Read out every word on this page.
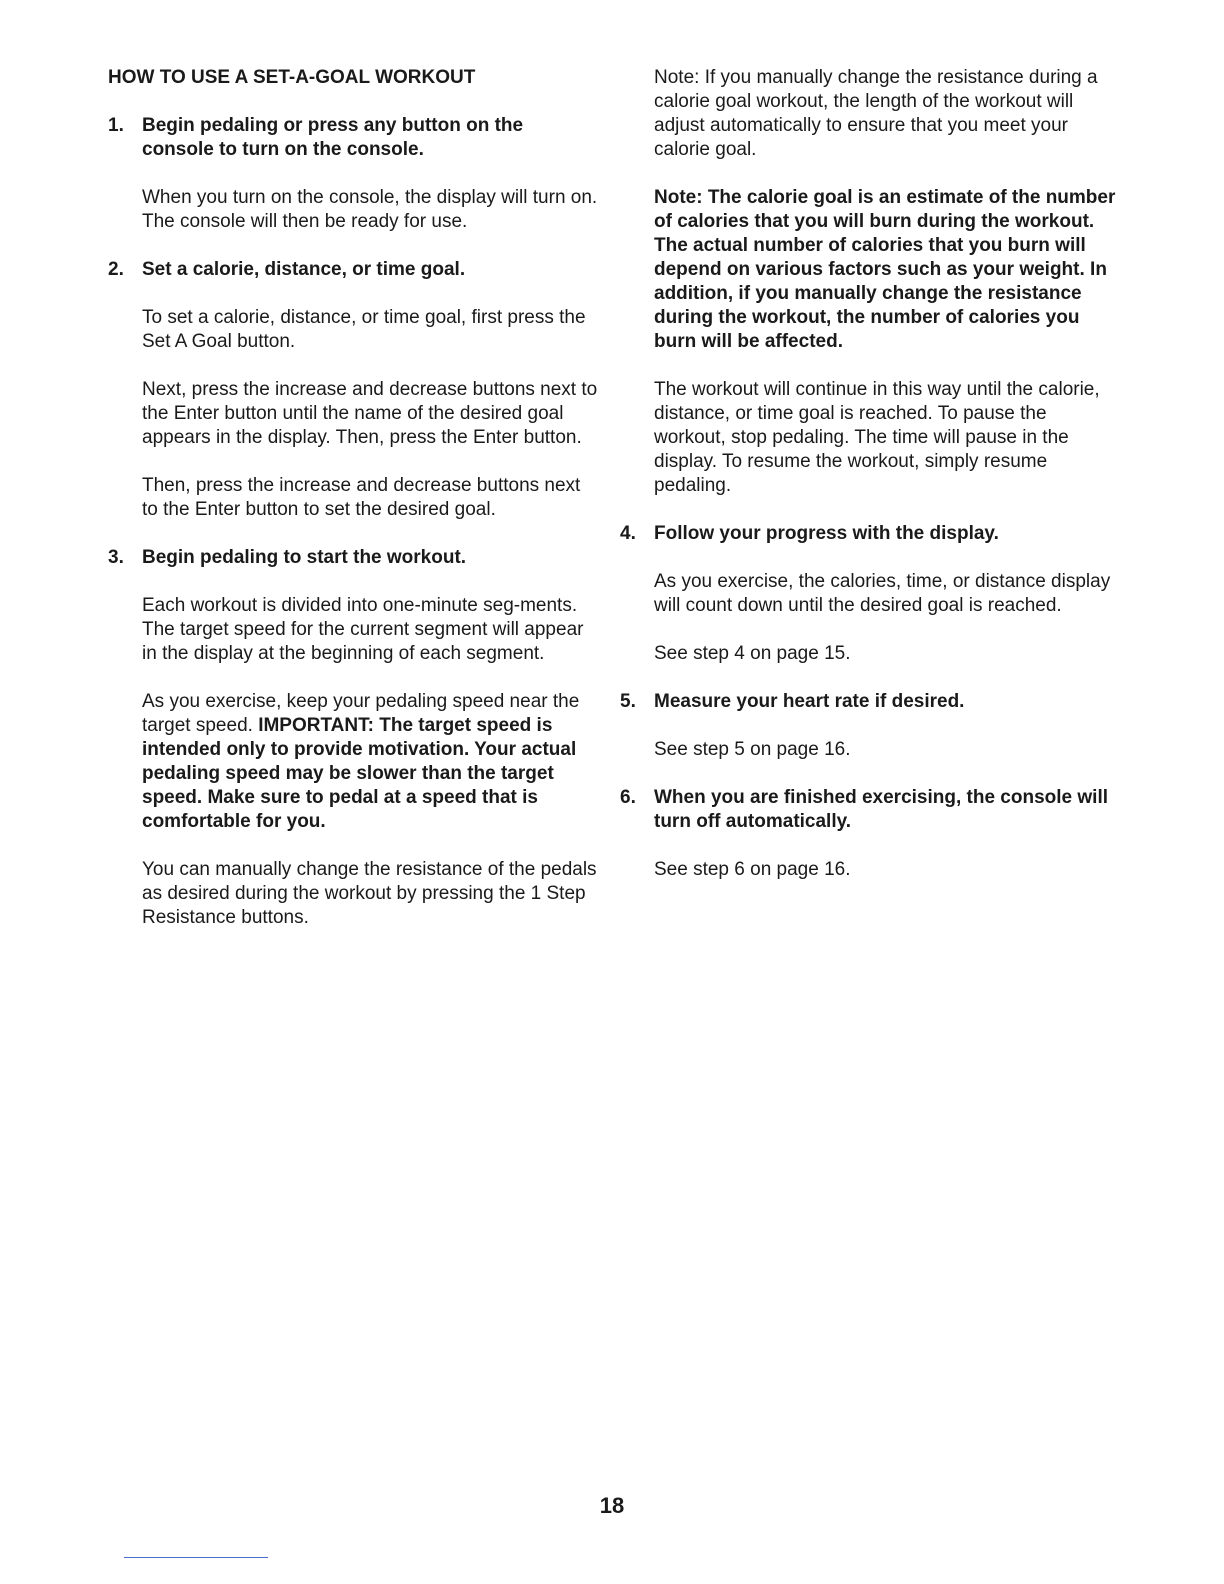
HOW TO USE A SET-A-GOAL WORKOUT
1. Begin pedaling or press any button on the console to turn on the console.

When you turn on the console, the display will turn on. The console will then be ready for use.

2. Set a calorie, distance, or time goal.

To set a calorie, distance, or time goal, first press the Set A Goal button.

Next, press the increase and decrease buttons next to the Enter button until the name of the desired goal appears in the display. Then, press the Enter button.

Then, press the increase and decrease buttons next to the Enter button to set the desired goal.

3. Begin pedaling to start the workout.

Each workout is divided into one-minute seg-ments. The target speed for the current segment will appear in the display at the beginning of each segment.

As you exercise, keep your pedaling speed near the target speed. IMPORTANT: The target speed is intended only to provide motivation. Your actual pedaling speed may be slower than the target speed. Make sure to pedal at a speed that is comfortable for you.

You can manually change the resistance of the pedals as desired during the workout by pressing the 1 Step Resistance buttons.

Note: If you manually change the resistance during a calorie goal workout, the length of the workout will adjust automatically to ensure that you meet your calorie goal.

Note: The calorie goal is an estimate of the number of calories that you will burn during the workout. The actual number of calories that you burn will depend on various factors such as your weight. In addition, if you manually change the resistance during the workout, the number of calories you burn will be affected.

The workout will continue in this way until the calorie, distance, or time goal is reached. To pause the workout, stop pedaling. The time will pause in the display. To resume the workout, simply resume pedaling.

4. Follow your progress with the display.

As you exercise, the calories, time, or distance display will count down until the desired goal is reached.

See step 4 on page 15.

5. Measure your heart rate if desired.

See step 5 on page 16.

6. When you are finished exercising, the console will turn off automatically.

See step 6 on page 16.

18
